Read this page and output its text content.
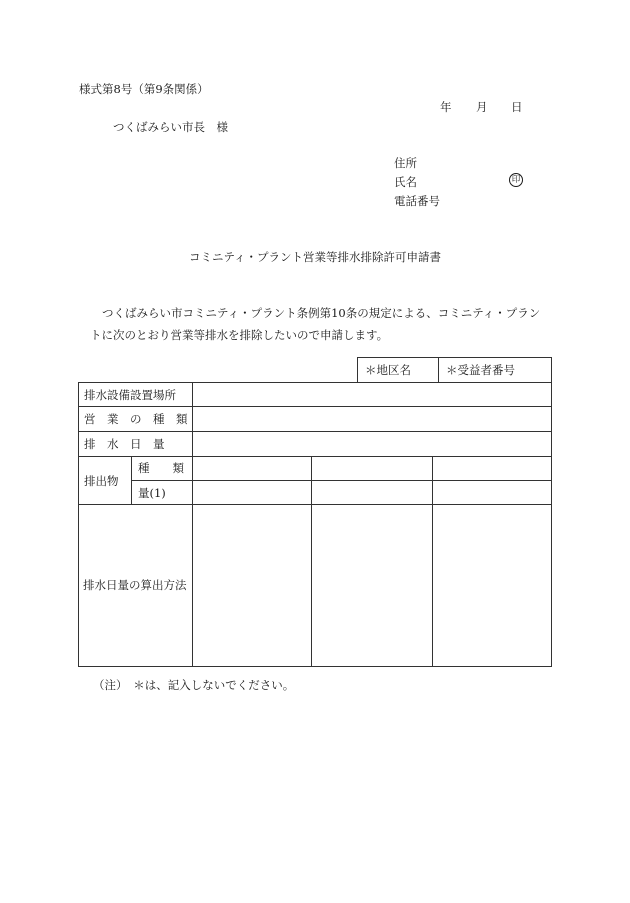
様式第8号（第9条関係）
年 月 日
つくばみらい市長　様
住所
氏名	印
電話番号
コミニティ・プラント営業等排水排除許可申請書
つくばみらい市コミニティ・プラント条例第10条の規定による、コミニティ・プラントに次のとおり営業等排水を排除したいので申請します。
＊地区名	＊受益者番号
排水設備設置場所
営　業　の　種　類
排　水　日　量
排出物
種　　類
量(1)
排水日量の算出方法
（注）　＊は、記入しないでください。
